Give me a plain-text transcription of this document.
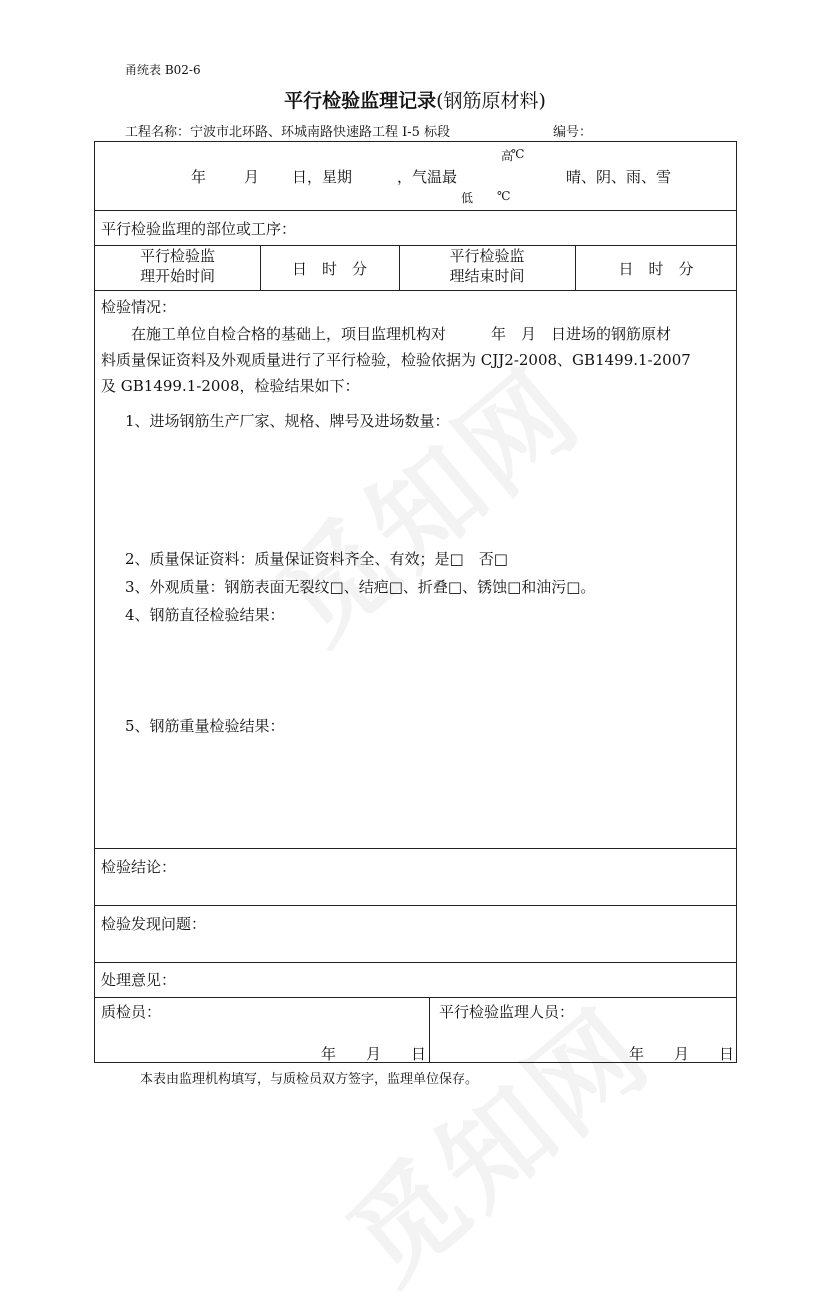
甬统表 B02-6
平行检验监理记录(钢筋原材料)
工程名称：宁波市北环路、环城南路快速路工程 I-5 标段	编号：
年	月 日，星期	，气温最
高
℃
低 ℃
晴、阴、雨、雪
平行检验监理的部位或工序：
平行检验监
理开始时间	日　时　分
平行检验监
理结束时间	日　时　分
检验情况：
在施工单位自检合格的基础上，项目监理机构对　　　年　月　日进场的钢筋原材
料质量保证资料及外观质量进行了平行检验，检验依据为 CJJ2-2008、GB1499.1-2007
及 GB1499.1-2008，检验结果如下：
1、进场钢筋生产厂家、规格、牌号及进场数量：
2、质量保证资料：质量保证资料齐全、有效；是□　否□
3、外观质量：钢筋表面无裂纹□、结疤□、折叠□、锈蚀□和油污□。
4、钢筋直径检验结果：
5、钢筋重量检验结果：
检验结论：
检验发现问题：
处理意见：
质检员：	平行检验监理人员：
年　　月　　日	年　　月　　日
本表由监理机构填写，与质检员双方签字，监理单位保存。
